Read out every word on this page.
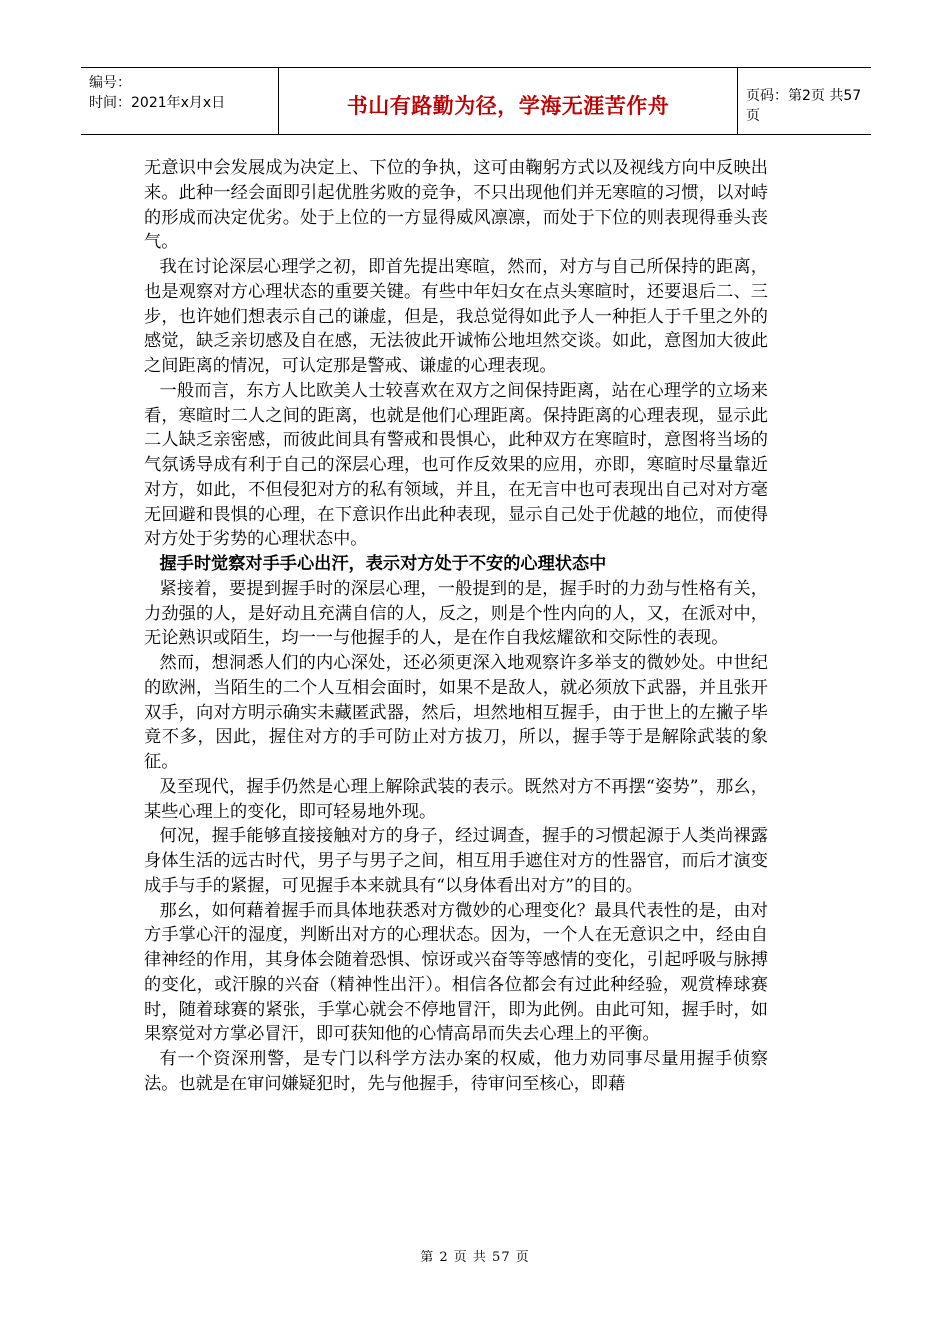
编号：
时间：2021年x月x日	书山有路勤为径，学海无涯苦作舟	页码：第2页 共57页

无意识中会发展成为决定上、下位的争执，这可由鞠躬方式以及视线方向中反映出来。此种一经会面即引起优胜劣败的竞争，不只出现他们并无寒暄的习惯，以对峙的形成而决定优劣。处于上位的一方显得威风凛凛，而处于下位的则表现得垂头丧气。

我在讨论深层心理学之初，即首先提出寒暄，然而，对方与自己所保持的距离，也是观察对方心理状态的重要关键。有些中年妇女在点头寒暄时，还要退后二、三步，也许她们想表示自己的谦虚，但是，我总觉得如此予人一种拒人于千里之外的感觉，缺乏亲切感及自在感，无法彼此开诚怖公地坦然交谈。如此，意图加大彼此之间距离的情况，可认定那是警戒、谦虚的心理表现。

一般而言，东方人比欧美人士较喜欢在双方之间保持距离，站在心理学的立场来看，寒暄时二人之间的距离，也就是他们心理距离。保持距离的心理表现，显示此二人缺乏亲密感，而彼此间具有警戒和畏惧心，此种双方在寒暄时，意图将当场的气氛诱导成有利于自己的深层心理，也可作反效果的应用，亦即，寒暄时尽量靠近对方，如此，不但侵犯对方的私有领域，并且，在无言中也可表现出自己对对方毫无回避和畏惧的心理，在下意识作出此种表现，显示自己处于优越的地位，而使得对方处于劣势的心理状态中。

握手时觉察对手手心出汗，表示对方处于不安的心理状态中

紧接着，要提到握手时的深层心理，一般提到的是，握手时的力劲与性格有关，力劲强的人，是好动且充满自信的人，反之，则是个性内向的人，又，在派对中，无论熟识或陌生，均一一与他握手的人，是在作自我炫耀欲和交际性的表现。

然而，想洞悉人们的内心深处，还必须更深入地观察许多举支的微妙处。中世纪的欧洲，当陌生的二个人互相会面时，如果不是敌人，就必须放下武器，并且张开双手，向对方明示确实未藏匿武器，然后，坦然地相互握手，由于世上的左撇子毕竟不多，因此，握住对方的手可防止对方拔刀，所以，握手等于是解除武装的象征。

及至现代，握手仍然是心理上解除武装的表示。既然对方不再摆“姿势”，那幺，某些心理上的变化，即可轻易地外现。

何况，握手能够直接接触对方的身子，经过调查，握手的习惯起源于人类尚裸露身体生活的远古时代，男子与男子之间，相互用手遮住对方的性器官，而后才演变成手与手的紧握，可见握手本来就具有“以身体看出对方”的目的。

那幺，如何藉着握手而具体地获悉对方微妙的心理变化？最具代表性的是，由对方手掌心汗的湿度，判断出对方的心理状态。因为，一个人在无意识之中，经由自律神经的作用，其身体会随着恐惧、惊讶或兴奋等等感情的变化，引起呼吸与脉搏的变化，或汗腺的兴奋（精神性出汗）。相信各位都会有过此种经验，观赏棒球赛时，随着球赛的紧张，手掌心就会不停地冒汗，即为此例。由此可知，握手时，如果察觉对方掌必冒汗，即可获知他的心情高昂而失去心理上的平衡。

有一个资深刑警，是专门以科学方法办案的权威，他力劝同事尽量用握手侦察法。也就是在审问嫌疑犯时，先与他握手，待审问至核心，即藉

第 2 页 共 57 页
